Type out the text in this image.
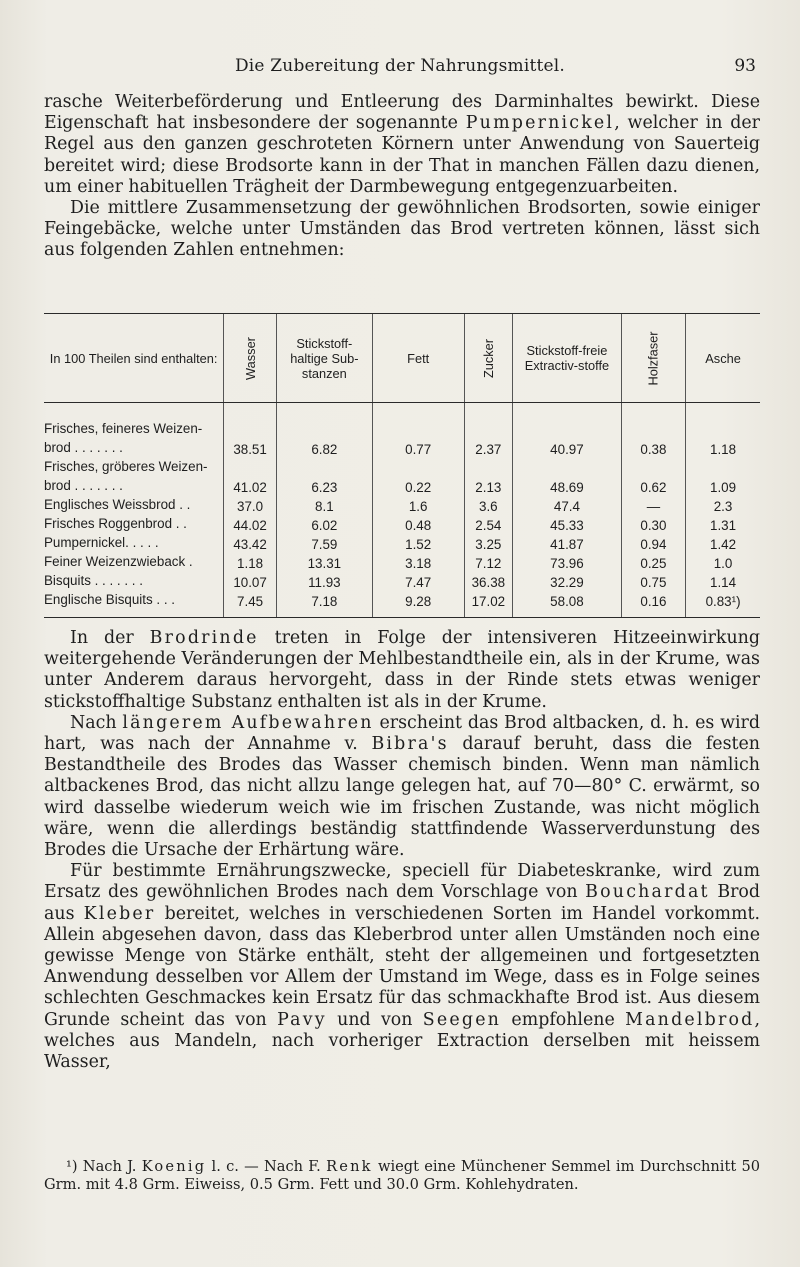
Die Zubereitung der Nahrungsmittel.	93

rasche Weiterbeförderung und Entleerung des Darminhaltes bewirkt. Diese Eigenschaft hat insbesondere der sogenannte Pumpernickel, welcher in der Regel aus den ganzen geschroteten Körnern unter Anwendung von Sauerteig bereitet wird; diese Brodsorte kann in der That in manchen Fällen dazu dienen, um einer habituellen Trägheit der Darmbewegung entgegenzuarbeiten.

Die mittlere Zusammensetzung der gewöhnlichen Brodsorten, sowie einiger Feingebäcke, welche unter Umständen das Brod vertreten können, lässt sich aus folgenden Zahlen entnehmen:

In 100 Theilen sind enthalten:	Wasser	Stickstoff-haltige Sub-stanzen	Fett	Zucker	Stickstoff-freie Extractiv-stoffe	Holzfaser	Asche
Frisches, feineres Weizen-brod . . . . . . .	38.51	6.82	0.77	2.37	40.97	0.38	1.18
Frisches, gröberes Weizen-brod . . . . . . .	41.02	6.23	0.22	2.13	48.69	0.62	1.09
Englisches Weissbrod . .	37.0	8.1	1.6	3.6	47.4	—	2.3
Frisches Roggenbrod . .	44.02	6.02	0.48	2.54	45.33	0.30	1.31
Pumpernickel. . . . .	43.42	7.59	1.52	3.25	41.87	0.94	1.42
Feiner Weizenzwieback .	1.18	13.31	3.18	7.12	73.96	0.25	1.0
Bisquits . . . . . . .	10.07	11.93	7.47	36.38	32.29	0.75	1.14
Englische Bisquits . . .	7.45	7.18	9.28	17.02	58.08	0.16	0.83¹)

In der Brodrinde treten in Folge der intensiveren Hitzeeinwirkung weitergehende Veränderungen der Mehlbestandtheile ein, als in der Krume, was unter Anderem daraus hervorgeht, dass in der Rinde stets etwas weniger stickstoffhaltige Substanz enthalten ist als in der Krume.

Nach längerem Aufbewahren erscheint das Brod altbacken, d. h. es wird hart, was nach der Annahme v. Bibra's darauf beruht, dass die festen Bestandtheile des Brodes das Wasser chemisch binden. Wenn man nämlich altbackenes Brod, das nicht allzu lange gelegen hat, auf 70—80° C. erwärmt, so wird dasselbe wiederum weich wie im frischen Zustande, was nicht möglich wäre, wenn die allerdings beständig stattfindende Wasserverdunstung des Brodes die Ursache der Erhärtung wäre.

Für bestimmte Ernährungszwecke, speciell für Diabeteskranke, wird zum Ersatz des gewöhnlichen Brodes nach dem Vorschlage von Bouchardat Brod aus Kleber bereitet, welches in verschiedenen Sorten im Handel vorkommt. Allein abgesehen davon, dass das Kleberbrod unter allen Umständen noch eine gewisse Menge von Stärke enthält, steht der allgemeinen und fortgesetzten Anwendung desselben vor Allem der Umstand im Wege, dass es in Folge seines schlechten Geschmackes kein Ersatz für das schmackhafte Brod ist. Aus diesem Grunde scheint das von Pavy und von Seegen empfohlene Mandelbrod, welches aus Mandeln, nach vorheriger Extraction derselben mit heissem Wasser,

¹) Nach J. Koenig l. c. — Nach F. Renk wiegt eine Münchener Semmel im Durchschnitt 50 Grm. mit 4.8 Grm. Eiweiss, 0.5 Grm. Fett und 30.0 Grm. Kohlehydraten.
